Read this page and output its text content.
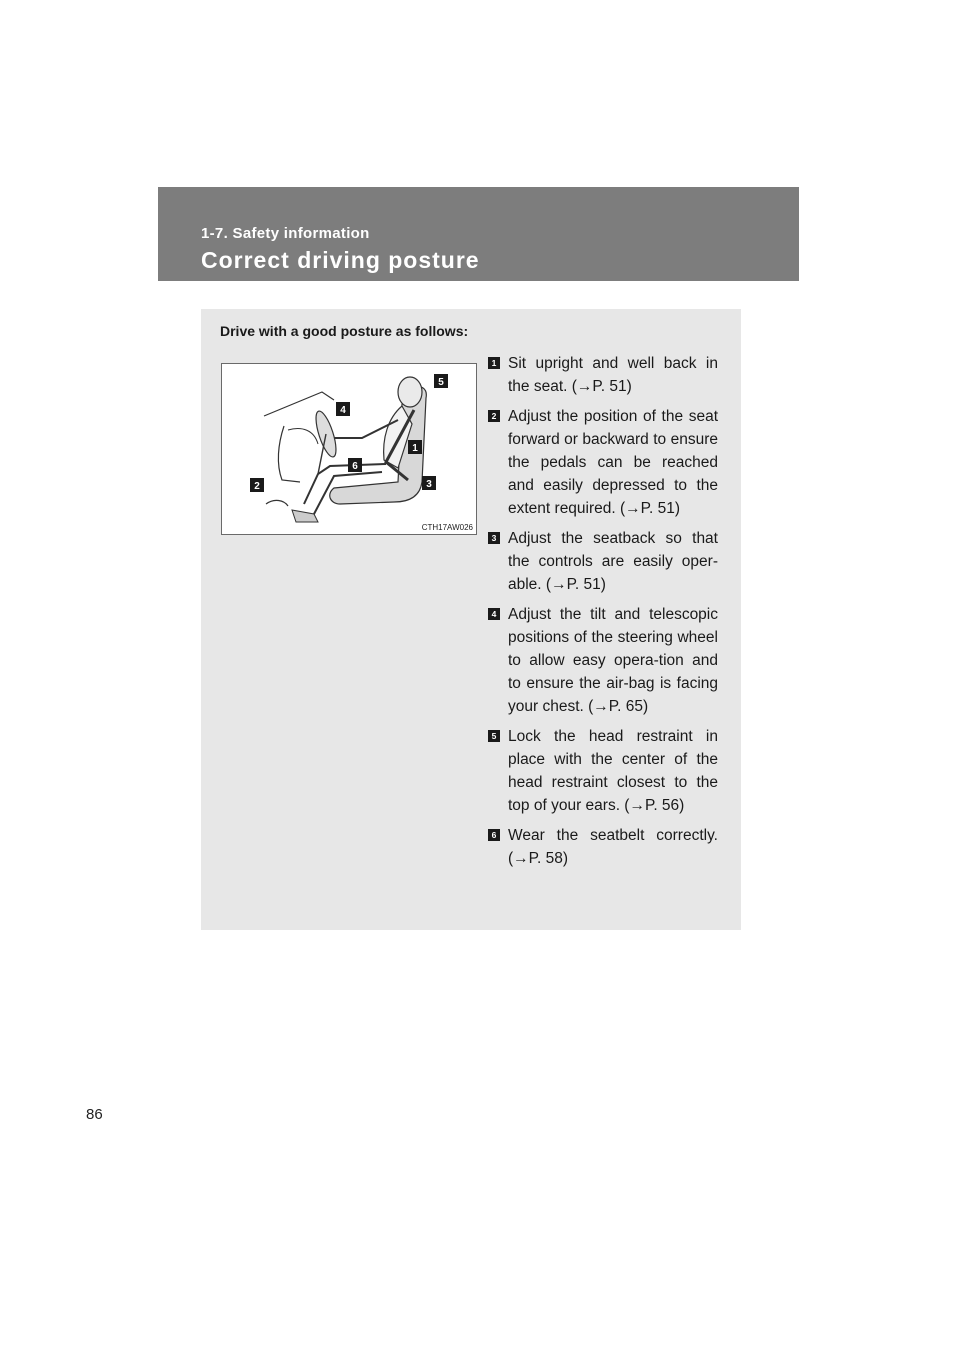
1-7. Safety information
Correct driving posture
Drive with a good posture as follows:
5
4
1
6
3
2
CTH17AW026
1 Sit upright and well back in the seat. (→P. 51)
2 Adjust the position of the seat forward or backward to ensure the pedals can be reached and easily depressed to the extent required. (→P. 51)
3 Adjust the seatback so that the controls are easily oper-able. (→P. 51)
4 Adjust the tilt and telescopic positions of the steering wheel to allow easy opera-tion and to ensure the air-bag is facing your chest. (→P. 65)
5 Lock the head restraint in place with the center of the head restraint closest to the top of your ears. (→P. 56)
6 Wear the seatbelt correctly. (→P. 58)
86
